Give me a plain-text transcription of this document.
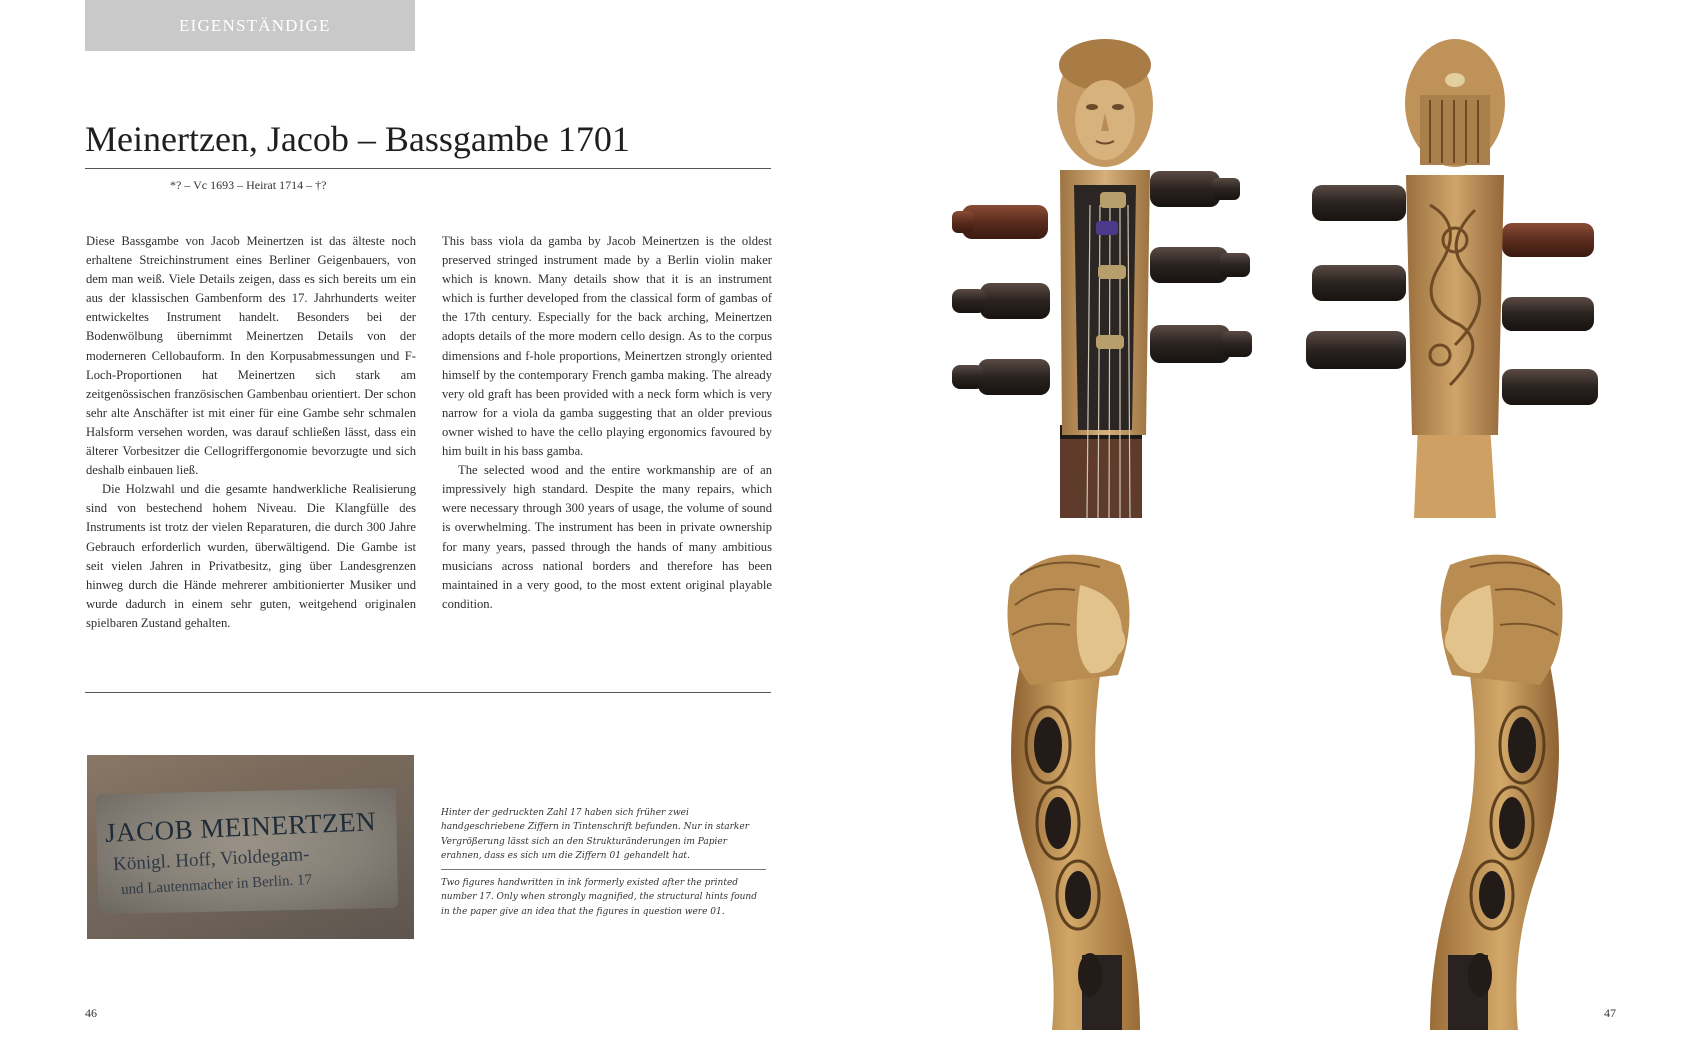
EIGENSTÄNDIGE
Meinertzen, Jacob – Bassgambe 1701
*? – Vc 1693 – Heirat 1714 – †?

Diese Bassgambe von Jacob Meinertzen ist das älteste noch erhaltene Streichinstrument eines Berliner Geigenbauers, von dem man weiß. Viele Details zeigen, dass es sich bereits um ein aus der klassischen Gambenform des 17. Jahrhunderts weiter entwickeltes Instrument handelt. Besonders bei der Bodenwölbung übernimmt Meinertzen Details von der moderneren Cellobauform. In den Korpusabmessungen und F-Loch-Proportionen hat Meinertzen sich stark am zeitgenössischen französischen Gambenbau orientiert. Der schon sehr alte Anschäfter ist mit einer für eine Gambe sehr schmalen Halsform versehen worden, was darauf schließen lässt, dass ein älterer Vorbesitzer die Cellogriffergonomie bevorzugte und sich deshalb einbauen ließ.

Die Holzwahl und die gesamte handwerkliche Realisierung sind von bestechend hohem Niveau. Die Klangfülle des Instruments ist trotz der vielen Reparaturen, die durch 300 Jahre Gebrauch erforderlich wurden, überwältigend. Die Gambe ist seit vielen Jahren in Privatbesitz, ging über Landesgrenzen hinweg durch die Hände mehrerer ambitionierter Musiker und wurde dadurch in einem sehr guten, weitgehend originalen spielbaren Zustand gehalten.

This bass viola da gamba by Jacob Meinertzen is the oldest preserved stringed instrument made by a Berlin violin maker which is known. Many details show that it is an instrument which is further developed from the classical form of gambas of the 17th century. Especially for the back arching, Meinertzen adopts details of the more modern cello design. As to the corpus dimensions and f-hole proportions, Meinertzen strongly oriented himself by the contemporary French gamba making. The already very old graft has been provided with a neck form which is very narrow for a viola da gamba suggesting that an older previous owner wished to have the cello playing ergonomics favoured by him built in his bass gamba.

The selected wood and the entire workmanship are of an impressively high standard. Despite the many repairs, which were necessary through 300 years of usage, the volume of sound is overwhelming. The instrument has been in private ownership for many years, passed through the hands of many ambitious musicians across national borders and therefore has been maintained in a very good, to the most extent original playable condition.

JACOB MEINERTZEN
Königl. Hoff, Violdegam-
und Lautenmacher in Berlin. 17
Hinter der gedruckten Zahl 17 haben sich früher zwei handgeschriebene Ziffern in Tintenschrift befunden. Nur in starker Vergrößerung lässt sich an den Strukturänderungen im Papier erahnen, dass es sich um die Ziffern 01 gehandelt hat.
Two figures handwritten in ink formerly existed after the printed number 17. Only when strongly magnified, the structural hints found in the paper give an idea that the figures in question were 01.
46	47
